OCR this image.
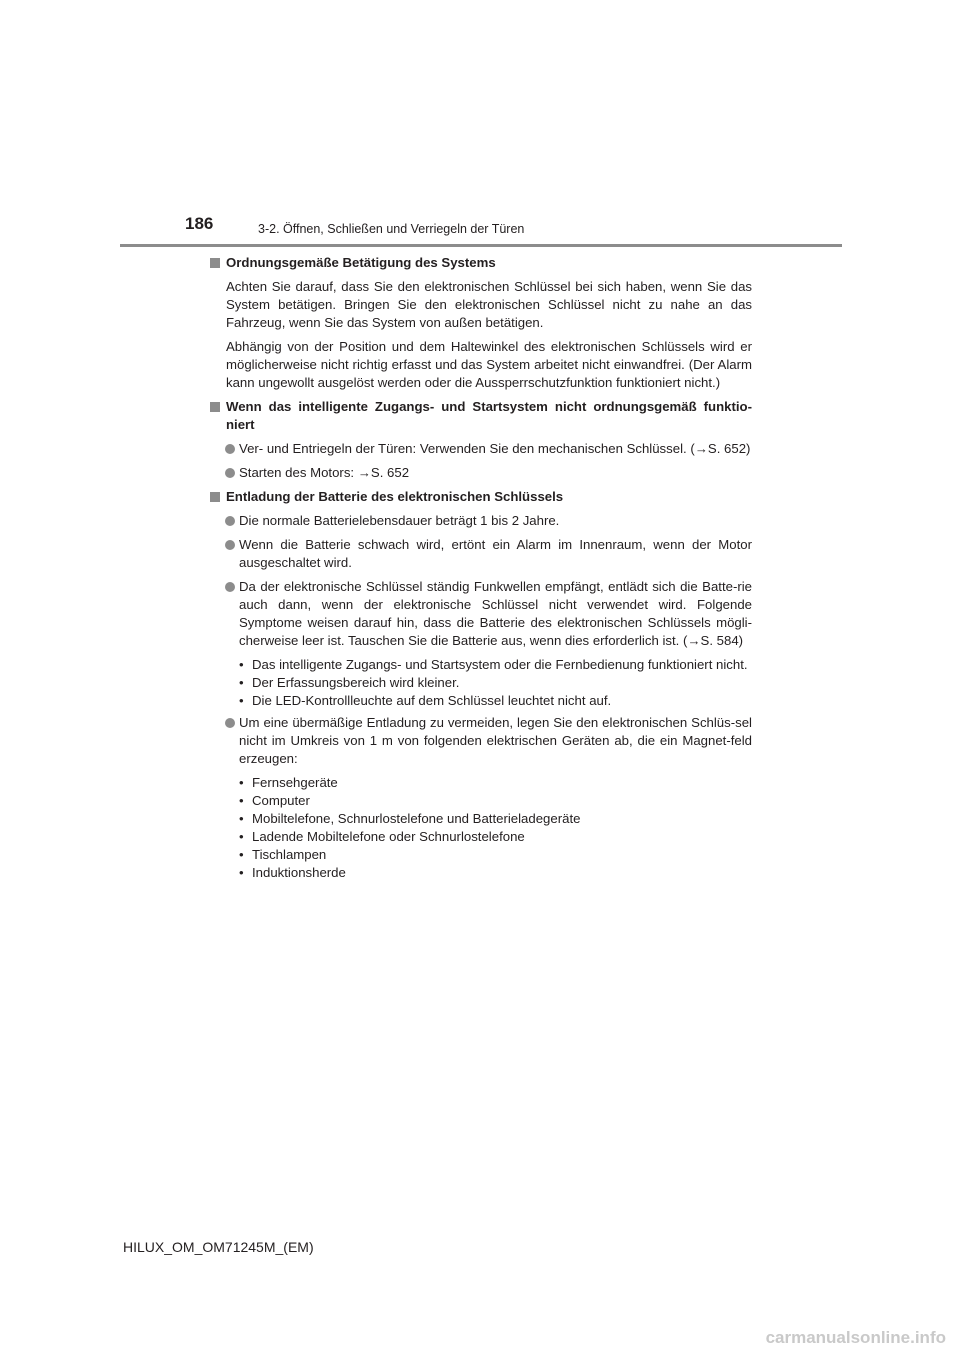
186	3-2. Öffnen, Schließen und Verriegeln der Türen
Ordnungsgemäße Betätigung des Systems
Achten Sie darauf, dass Sie den elektronischen Schlüssel bei sich haben, wenn Sie das System betätigen. Bringen Sie den elektronischen Schlüssel nicht zu nahe an das Fahrzeug, wenn Sie das System von außen betätigen.
Abhängig von der Position und dem Haltewinkel des elektronischen Schlüssels wird er möglicherweise nicht richtig erfasst und das System arbeitet nicht einwandfrei. (Der Alarm kann ungewollt ausgelöst werden oder die Aussperrschutzfunktion funktioniert nicht.)
Wenn das intelligente Zugangs- und Startsystem nicht ordnungsgemäß funktio-niert
Ver- und Entriegeln der Türen: Verwenden Sie den mechanischen Schlüssel. (→S. 652)
Starten des Motors: →S. 652
Entladung der Batterie des elektronischen Schlüssels
Die normale Batterielebensdauer beträgt 1 bis 2 Jahre.
Wenn die Batterie schwach wird, ertönt ein Alarm im Innenraum, wenn der Motor ausgeschaltet wird.
Da der elektronische Schlüssel ständig Funkwellen empfängt, entlädt sich die Batte-rie auch dann, wenn der elektronische Schlüssel nicht verwendet wird. Folgende Symptome weisen darauf hin, dass die Batterie des elektronischen Schlüssels mögli-cherweise leer ist. Tauschen Sie die Batterie aus, wenn dies erforderlich ist. (→S. 584)
• Das intelligente Zugangs- und Startsystem oder die Fernbedienung funktioniert nicht.
• Der Erfassungsbereich wird kleiner.
• Die LED-Kontrollleuchte auf dem Schlüssel leuchtet nicht auf.
Um eine übermäßige Entladung zu vermeiden, legen Sie den elektronischen Schlüs-sel nicht im Umkreis von 1 m von folgenden elektrischen Geräten ab, die ein Magnet-feld erzeugen:
• Fernsehgeräte
• Computer
• Mobiltelefone, Schnurlostelefone und Batterieladegeräte
• Ladende Mobiltelefone oder Schnurlostelefone
• Tischlampen
• Induktionsherde
HILUX_OM_OM71245M_(EM)
carmanualsonline.info
